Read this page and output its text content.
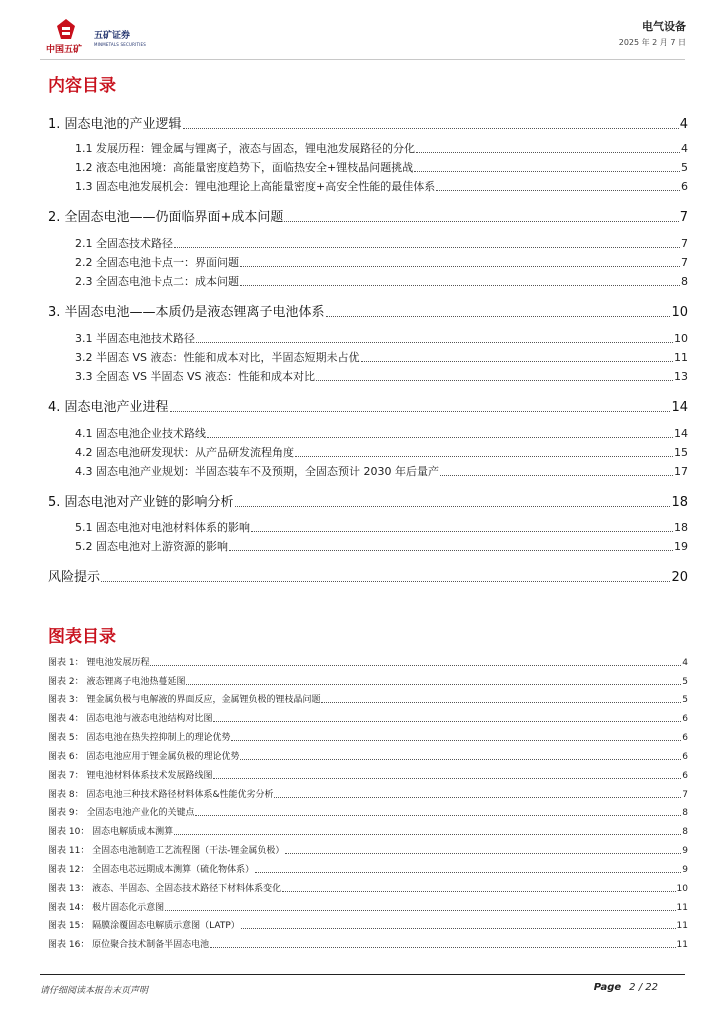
中国五矿
五矿证券
MINMETALS SECURITIES
电气设备
2025 年 2 月 7 日
内容目录
1. 固态电池的产业逻辑	4
1.1 发展历程：锂金属与锂离子，液态与固态，锂电池发展路径的分化	4
1.2 液态电池困境：高能量密度趋势下，面临热安全+锂枝晶问题挑战	5
1.3 固态电池发展机会：锂电池理论上高能量密度+高安全性能的最佳体系	6
2. 全固态电池——仍面临界面+成本问题	7
2.1 全固态技术路径	7
2.2 全固态电池卡点一：界面问题	7
2.3 全固态电池卡点二：成本问题	8
3. 半固态电池——本质仍是液态锂离子电池体系	10
3.1 半固态电池技术路径	10
3.2 半固态 VS 液态：性能和成本对比，半固态短期未占优	11
3.3 全固态 VS 半固态 VS 液态：性能和成本对比	13
4. 固态电池产业进程	14
4.1 固态电池企业技术路线	14
4.2 固态电池研发现状：从产品研发流程角度	15
4.3 固态电池产业规划：半固态装车不及预期，全固态预计 2030 年后量产	17
5. 固态电池对产业链的影响分析	18
5.1 固态电池对电池材料体系的影响	18
5.2 固态电池对上游资源的影响	19
风险提示	20
图表目录
图表 1： 锂电池发展历程	4
图表 2： 液态锂离子电池热蔓延图	5
图表 3： 锂金属负极与电解液的界面反应，金属锂负极的锂枝晶问题	5
图表 4： 固态电池与液态电池结构对比图	6
图表 5： 固态电池在热失控抑制上的理论优势	6
图表 6： 固态电池应用于锂金属负极的理论优势	6
图表 7： 锂电池材料体系技术发展路线图	6
图表 8： 固态电池三种技术路径材料体系&性能优劣分析	7
图表 9： 全固态电池产业化的关键点	8
图表 10： 固态电解质成本测算	8
图表 11： 全固态电池制造工艺流程图（干法-锂金属负极）	9
图表 12： 全固态电芯远期成本测算（硫化物体系）	9
图表 13： 液态、半固态、全固态技术路径下材料体系变化	10
图表 14： 极片固态化示意图	11
图表 15： 隔膜涂覆固态电解质示意图（LATP）	11
图表 16： 原位聚合技术制备半固态电池	11
请仔细阅读本报告末页声明	Page 2 / 22
